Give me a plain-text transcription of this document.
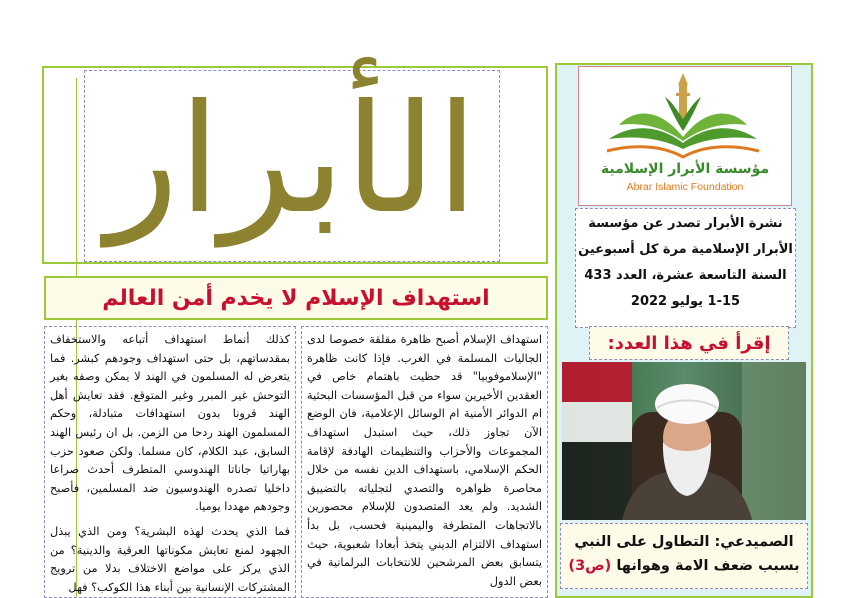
الأبرار
استهداف الإسلام لا يخدم أمن العالم

استهداف الإسلام أصبح ظاهرة مقلقة خصوصا لدى الجاليات المسلمة في الغرب. فإذا كانت ظاهرة "الإسلاموفوبيا" قد حظيت باهتمام خاص في العقدين الأخيرين سواء من قبل المؤسسات البحثية ام الدوائر الأمنية ام الوسائل الإعلامية، فان الوضع الآن تجاوز ذلك، حيث استبدل استهداف المجموعات والأحزاب والتنظيمات الهادفة لإقامة الحكم الإسلامي، باستهداف الدين نفسه من خلال محاصرة ظواهره والتصدي لتجلياته بالتضييق الشديد. ولم يعد المتصدون للإسلام محصورين بالاتجاهات المتطرفة واليمينية فحسب، بل بدأ استهداف الالتزام الديني يتخذ أبعادا شعبوية، حيث يتسابق بعض المرشحين للانتخابات البرلمانية في بعض الدول

كذلك أنماط استهداف أتباعه والاستخفاف بمقدساتهم، بل حتى استهداف وجودهم كبشر. فما يتعرض له المسلمون في الهند لا يمكن وصفه بغير التوحش غير المبرر وغير المتوقع. فقد تعايش أهل الهند قرونا بدون استهدافات متبادلة، وحكم المسلمون الهند ردحا من الزمن. بل ان رئيس الهند السابق، عبد الكلام، كان مسلما. ولكن صعود حزب بهاراتيا جاناتا الهندوسي المتطرف أحدث صراعا داخليا تصدره الهندوسيون ضد المسلمين، فأصبح وجودهم مهددا يوميا.

فما الذي يحدث لهذه البشرية؟ ومن الذي يبذل الجهود لمنع تعايش مكوناتها العرقية والدينية؟ من الذي يركز على مواضع الاختلاف بدلا من ترويج المشتركات الإنسانية بين أبناء هذا الكوكب؟ فهل

مؤسسة الأبرار الإسلامية
Abrar Islamic Foundation
نشرة الأبرار تصدر عن مؤسسة
الأبرار الإسلامية مرة كل أسبوعين
السنة التاسعة عشرة، العدد 433
1-15 يوليو 2022
إقرأ في هذا العدد:
الصميدعي: التطاول على النبي بسبب ضعف الامة وهوانها (ص3)
